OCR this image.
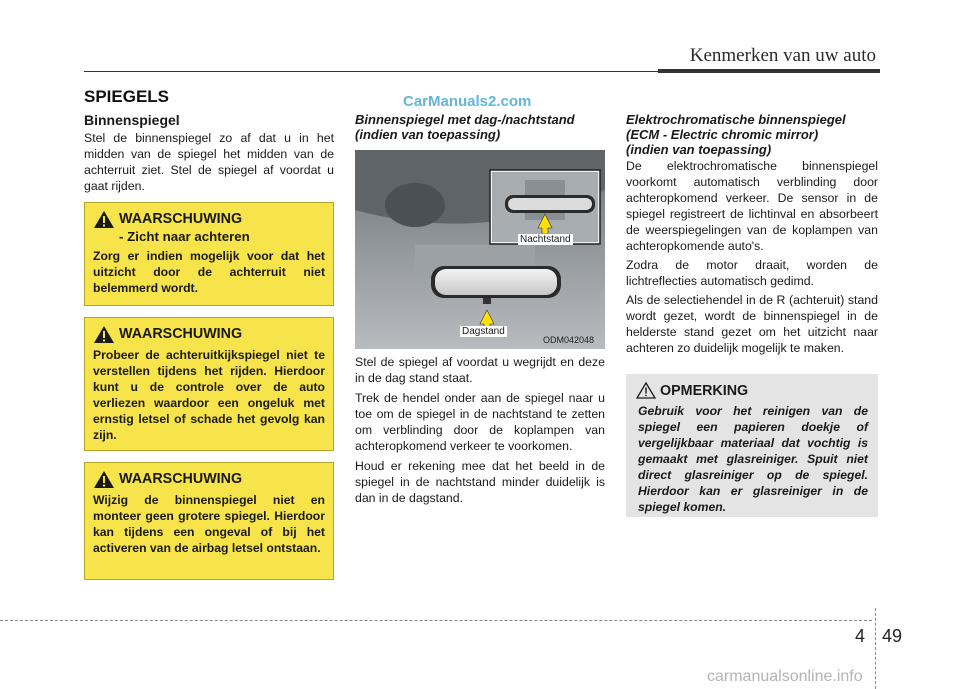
Kenmerken van uw auto
SPIEGELS	CarManuals2.com
Binnenspiegel
Stel de binnenspiegel zo af dat u in het midden van de spiegel het midden van de achterruit ziet. Stel de spiegel af voordat u gaat rijden.
WAARSCHUWING
- Zicht naar achteren
Zorg er indien mogelijk voor dat het uitzicht door de achterruit niet belemmerd wordt.
WAARSCHUWING
Probeer de achteruitkijkspiegel niet te verstellen tijdens het rijden. Hierdoor kunt u de controle over de auto verliezen waardoor een ongeluk met ernstig letsel of schade het gevolg kan zijn.
WAARSCHUWING
Wijzig de binnenspiegel niet en monteer geen grotere spiegel. Hierdoor kan tijdens een ongeval of bij het activeren van de airbag letsel ontstaan.
Binnenspiegel met dag-/nachtstand
(indien van toepassing)
Nachtstand
Dagstand
ODM042048

Stel de spiegel af voordat u wegrijdt en deze in de dag stand staat.

Trek de hendel onder aan de spiegel naar u toe om de spiegel in de nachtstand te zetten om verblinding door de koplampen van achteropkomend verkeer te voorkomen.

Houd er rekening mee dat het beeld in de spiegel in de nachtstand minder duidelijk is dan in de dagstand.

Elektrochromatische binnenspiegel
(ECM - Electric chromic mirror)
(indien van toepassing)

De elektrochromatische binnenspiegel voorkomt automatisch verblinding door achteropkomend verkeer. De sensor in de spiegel registreert de lichtinval en absorbeert de weerspiegelingen van de koplampen van achteropkomende auto's.

Zodra de motor draait, worden de lichtreflecties automatisch gedimd.

Als de selectiehendel in de R (achteruit) stand wordt gezet, wordt de binnenspiegel in de helderste stand gezet om het uitzicht naar achteren zo duidelijk mogelijk te maken.

OPMERKING
Gebruik voor het reinigen van de spiegel een papieren doekje of vergelijkbaar materiaal dat vochtig is gemaakt met glasreiniger. Spuit niet direct glasreiniger op de spiegel. Hierdoor kan er glasreiniger in de spiegel komen.
4 49
carmanualsonline.info
